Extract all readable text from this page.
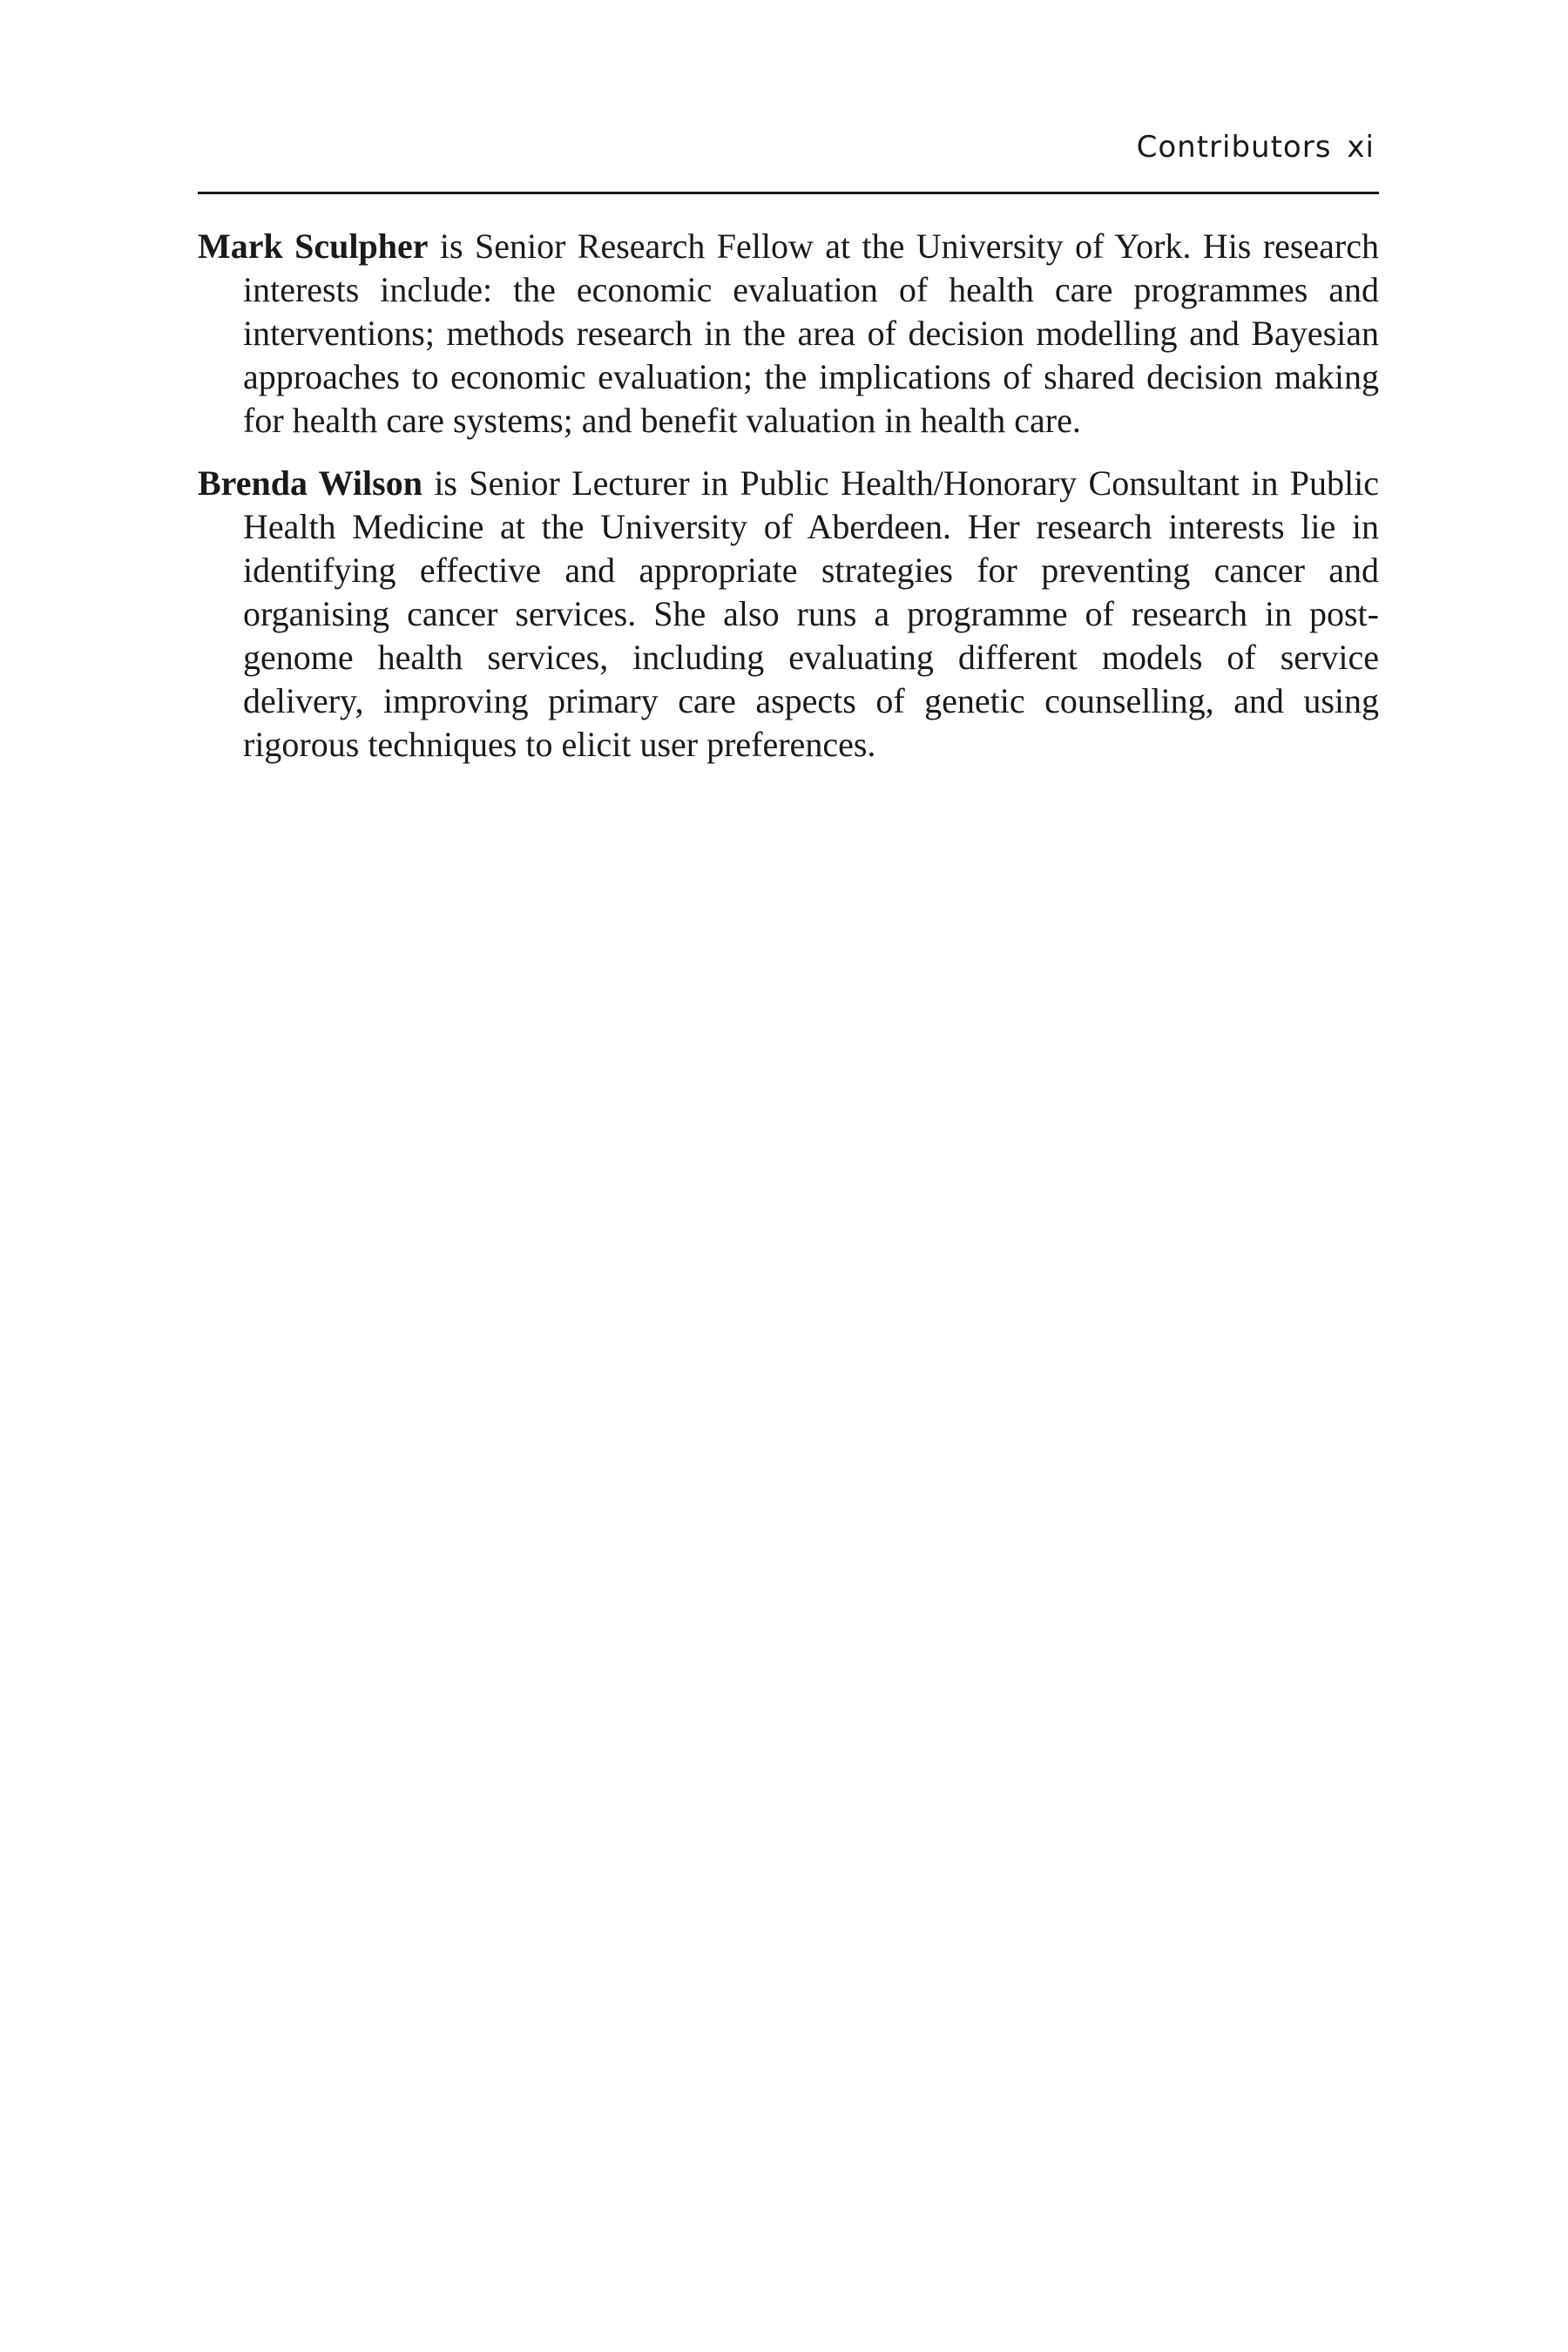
Contributors xi

Mark Sculpher is Senior Research Fellow at the University of York. His research interests include: the economic evaluation of health care programmes and interventions; methods research in the area of decision modelling and Bayesian approaches to economic evaluation; the implications of shared decision making for health care systems; and benefit valuation in health care.

Brenda Wilson is Senior Lecturer in Public Health/Honorary Consultant in Public Health Medicine at the University of Aberdeen. Her research interests lie in identifying effective and appropriate strategies for preventing cancer and organising cancer services. She also runs a programme of research in post-genome health services, including evaluating different models of service delivery, improving primary care aspects of genetic counselling, and using rigorous techniques to elicit user preferences.
